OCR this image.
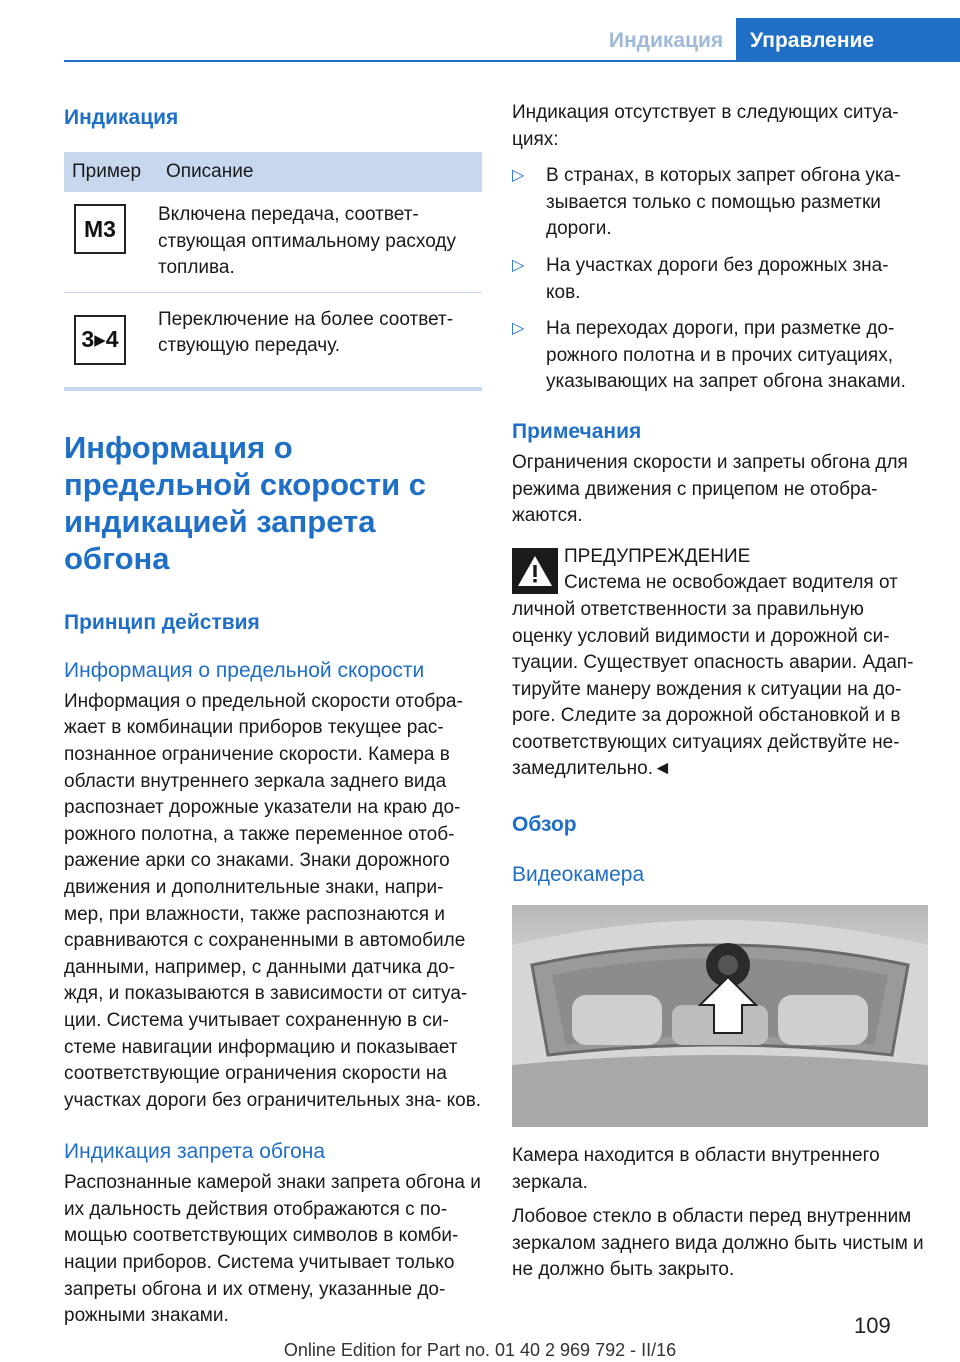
Индикация	Управление
Индикация
Пример	Описание

M3	Включена передача, соответ- ствующая оптимальному расходу топлива.

3▸4	Переключение на более соответ- ствующую передачу.
Информация о предельной скорости с индикацией запрета обгона
Принцип действия
Информация о предельной скорости

Информация о предельной скорости отобра- жает в комбинации приборов текущее рас- познанное ограничение скорости. Камера в области внутреннего зеркала заднего вида распознает дорожные указатели на краю до- рожного полотна, а также переменное отоб- ражение арки со знаками. Знаки дорожного движения и дополнительные знаки, напри- мер, при влажности, также распознаются и сравниваются с сохраненными в автомобиле данными, например, с данными датчика до- ждя, и показываются в зависимости от ситуа- ции. Система учитывает сохраненную в си- стеме навигации информацию и показывает соответствующие ограничения скорости на участках дороги без ограничительных зна- ков.

Индикация запрета обгона

Распознанные камерой знаки запрета обгона и их дальность действия отображаются с по- мощью соответствующих символов в комби- нации приборов. Система учитывает только запреты обгона и их отмену, указанные до- рожными знаками.

Индикация отсутствует в следующих ситуа- циях:

▷ В странах, в которых запрет обгона ука- зывается только с помощью разметки дороги.
▷ На участках дороги без дорожных зна- ков.
▷ На переходах дороги, при разметке до- рожного полотна и в прочих ситуациях, указывающих на запрет обгона знаками.
Примечания

Ограничения скорости и запреты обгона для режима движения с прицепом не отобра- жаются.

ПРЕДУПРЕЖДЕНИЕ

Система не освобождает водителя от личной ответственности за правильную оценку условий видимости и дорожной си- туации. Существует опасность аварии. Адап- тируйте манеру вождения к ситуации на до- роге. Следите за дорожной обстановкой и в соответствующих ситуациях действуйте не- замедлительно.◄

Обзор
Видеокамера

Камера находится в области внутреннего зеркала.

Лобовое стекло в области перед внутренним зеркалом заднего вида должно быть чистым и не должно быть закрыто.

109
Online Edition for Part no. 01 40 2 969 792 - II/16
